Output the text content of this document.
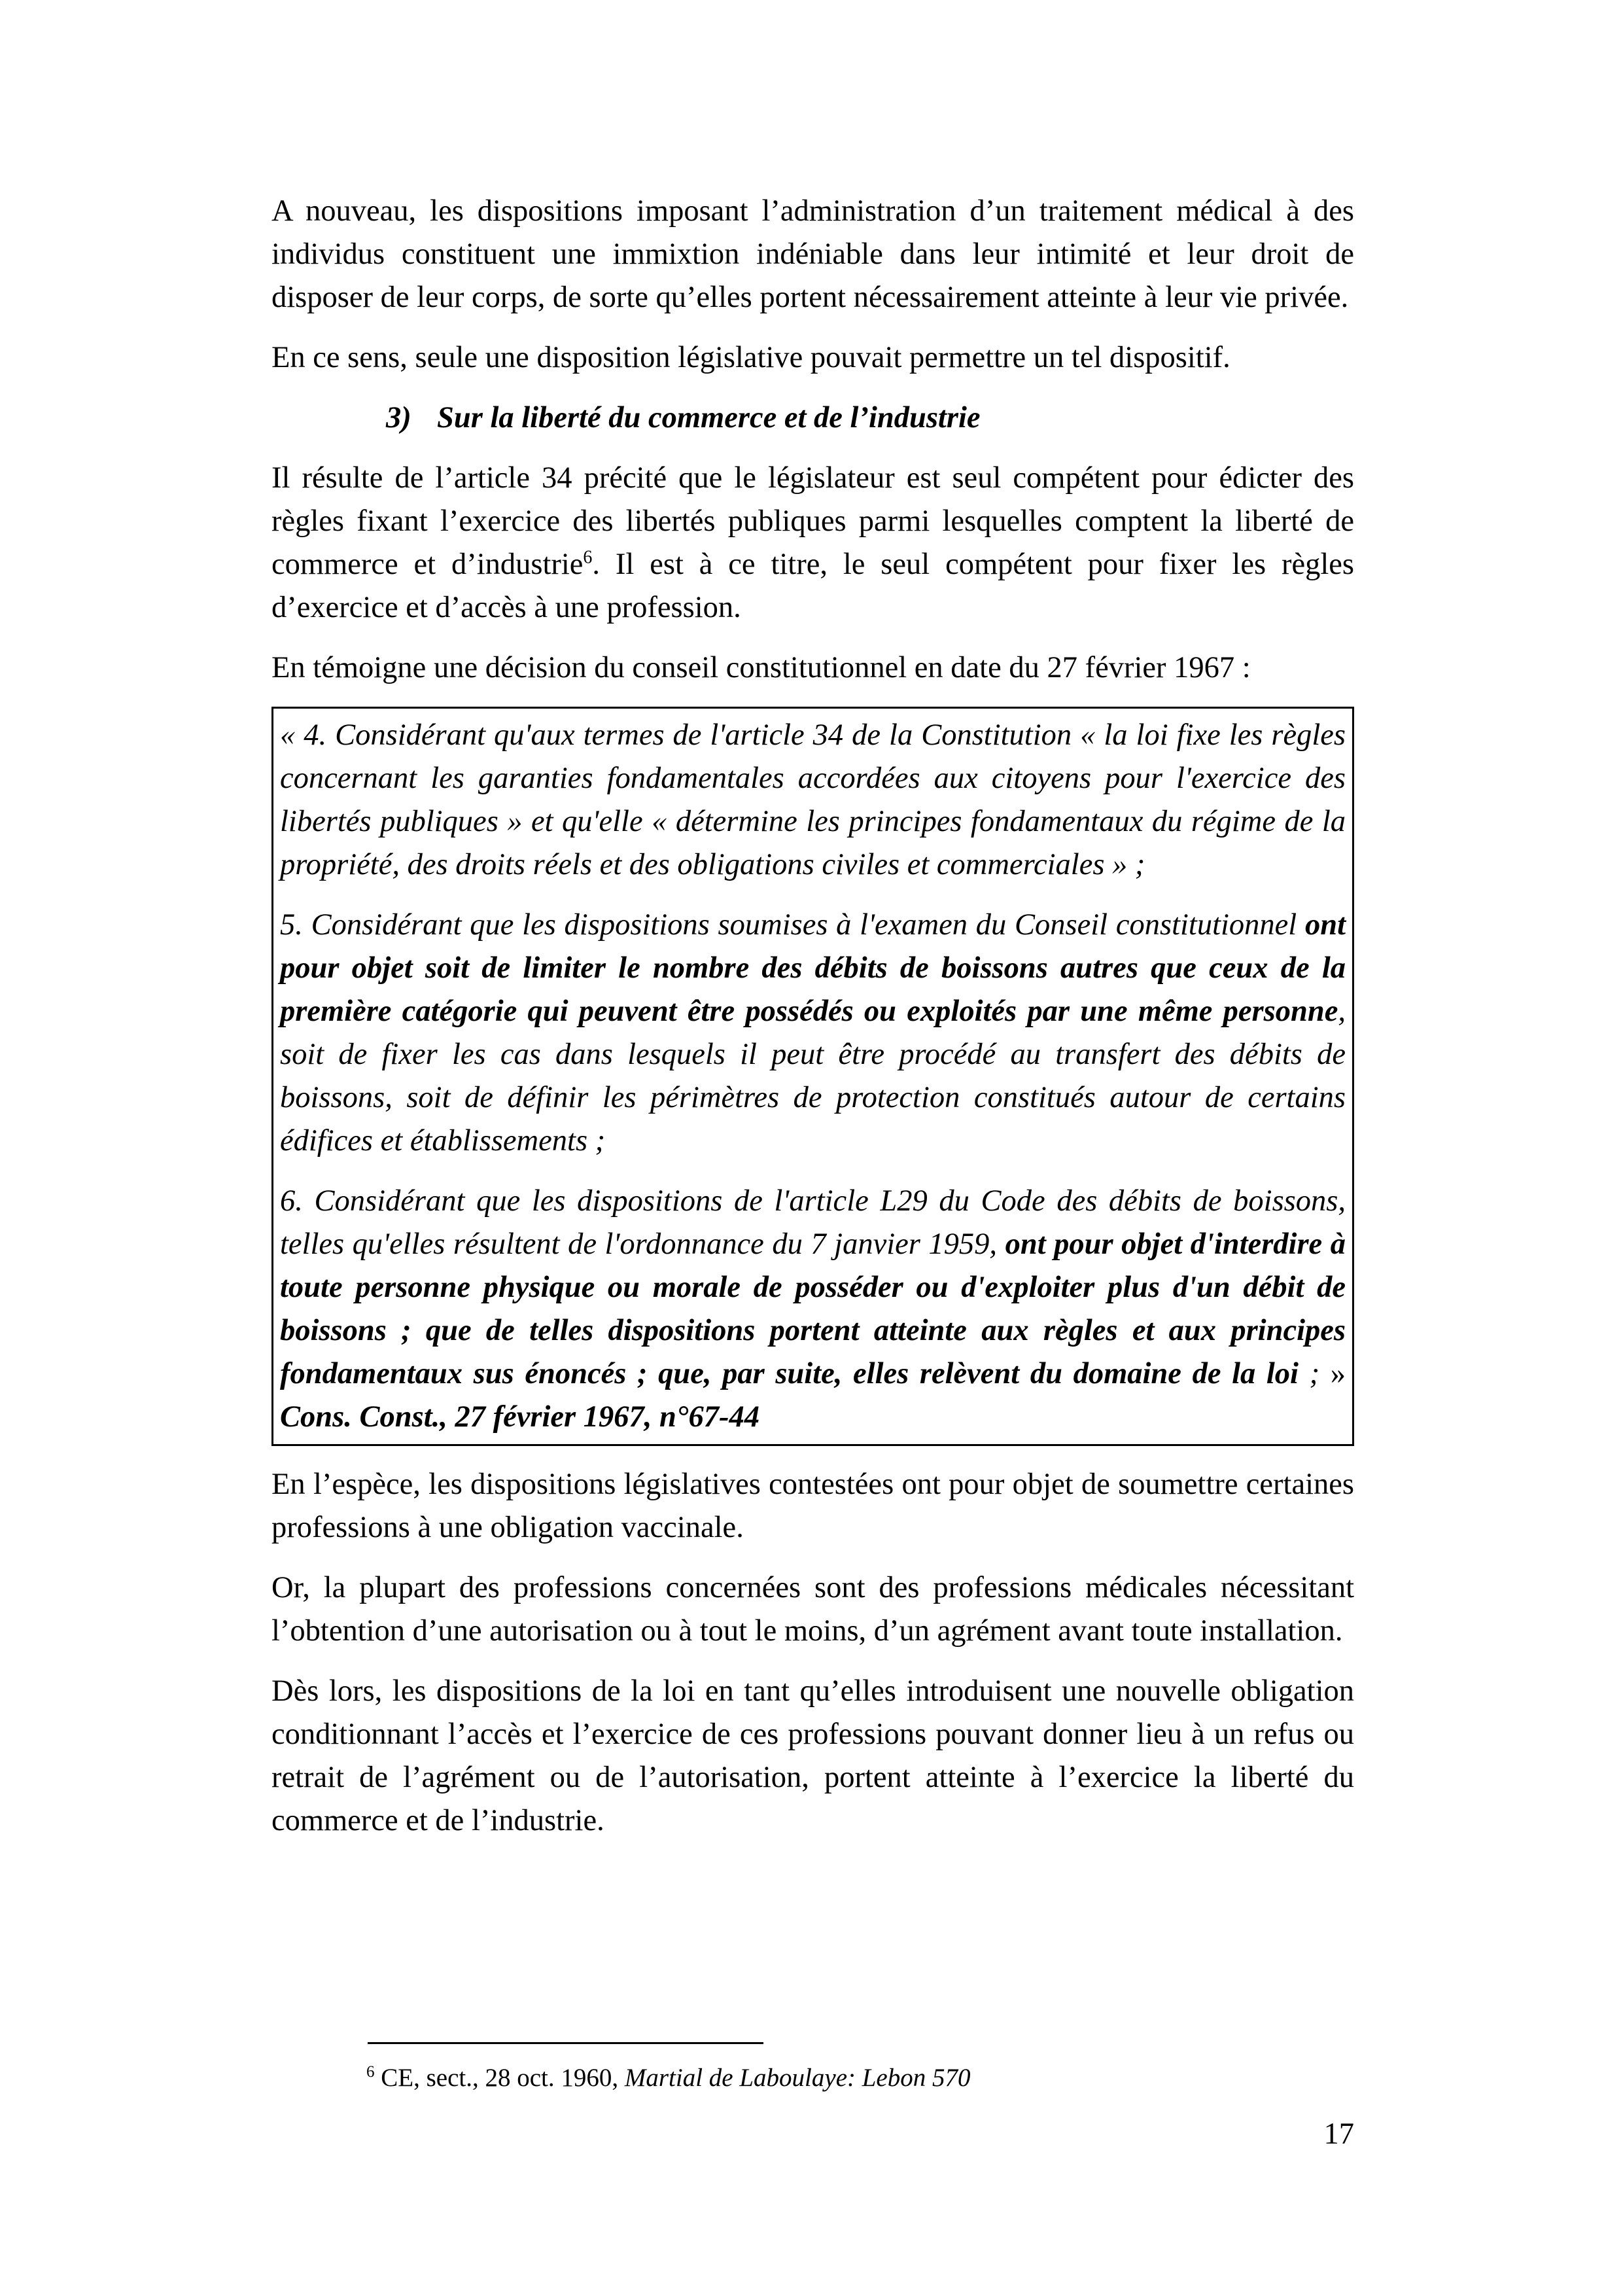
A nouveau, les dispositions imposant l’administration d’un traitement médical à des individus constituent une immixtion indéniable dans leur intimité et leur droit de disposer de leur corps, de sorte qu’elles portent nécessairement atteinte à leur vie privée.

En ce sens, seule une disposition législative pouvait permettre un tel dispositif.

3) Sur la liberté du commerce et de l’industrie

Il résulte de l’article 34 précité que le législateur est seul compétent pour édicter des règles fixant l’exercice des libertés publiques parmi lesquelles comptent la liberté de commerce et d’industrie$^6$. Il est à ce titre, le seul compétent pour fixer les règles d’exercice et d’accès à une profession.

En témoigne une décision du conseil constitutionnel en date du 27 février 1967 :

« 4. Considérant qu'aux termes de l'article 34 de la Constitution « la loi fixe les règles concernant les garanties fondamentales accordées aux citoyens pour l'exercice des libertés publiques » et qu'elle « détermine les principes fondamentaux du régime de la propriété, des droits réels et des obligations civiles et commerciales » ;

5. Considérant que les dispositions soumises à l'examen du Conseil constitutionnel ont pour objet soit de limiter le nombre des débits de boissons autres que ceux de la première catégorie qui peuvent être possédés ou exploités par une même personne, soit de fixer les cas dans lesquels il peut être procédé au transfert des débits de boissons, soit de définir les périmètres de protection constitués autour de certains édifices et établissements ;

6. Considérant que les dispositions de l'article L29 du Code des débits de boissons, telles qu'elles résultent de l'ordonnance du 7 janvier 1959, ont pour objet d'interdire à toute personne physique ou morale de posséder ou d'exploiter plus d'un débit de boissons ; que de telles dispositions portent atteinte aux règles et aux principes fondamentaux sus énoncés ; que, par suite, elles relèvent du domaine de la loi ; » Cons. Const., 27 février 1967, n°67-44

En l’espèce, les dispositions législatives contestées ont pour objet de soumettre certaines professions à une obligation vaccinale.

Or, la plupart des professions concernées sont des professions médicales nécessitant l’obtention d’une autorisation ou à tout le moins, d’un agrément avant toute installation.

Dès lors, les dispositions de la loi en tant qu’elles introduisent une nouvelle obligation conditionnant l’accès et l’exercice de ces professions pouvant donner lieu à un refus ou retrait de l’agrément ou de l’autorisation, portent atteinte à l’exercice la liberté du commerce et de l’industrie.

$^6$ CE, sect., 28 oct. 1960, Martial de Laboulaye: Lebon 570
17
